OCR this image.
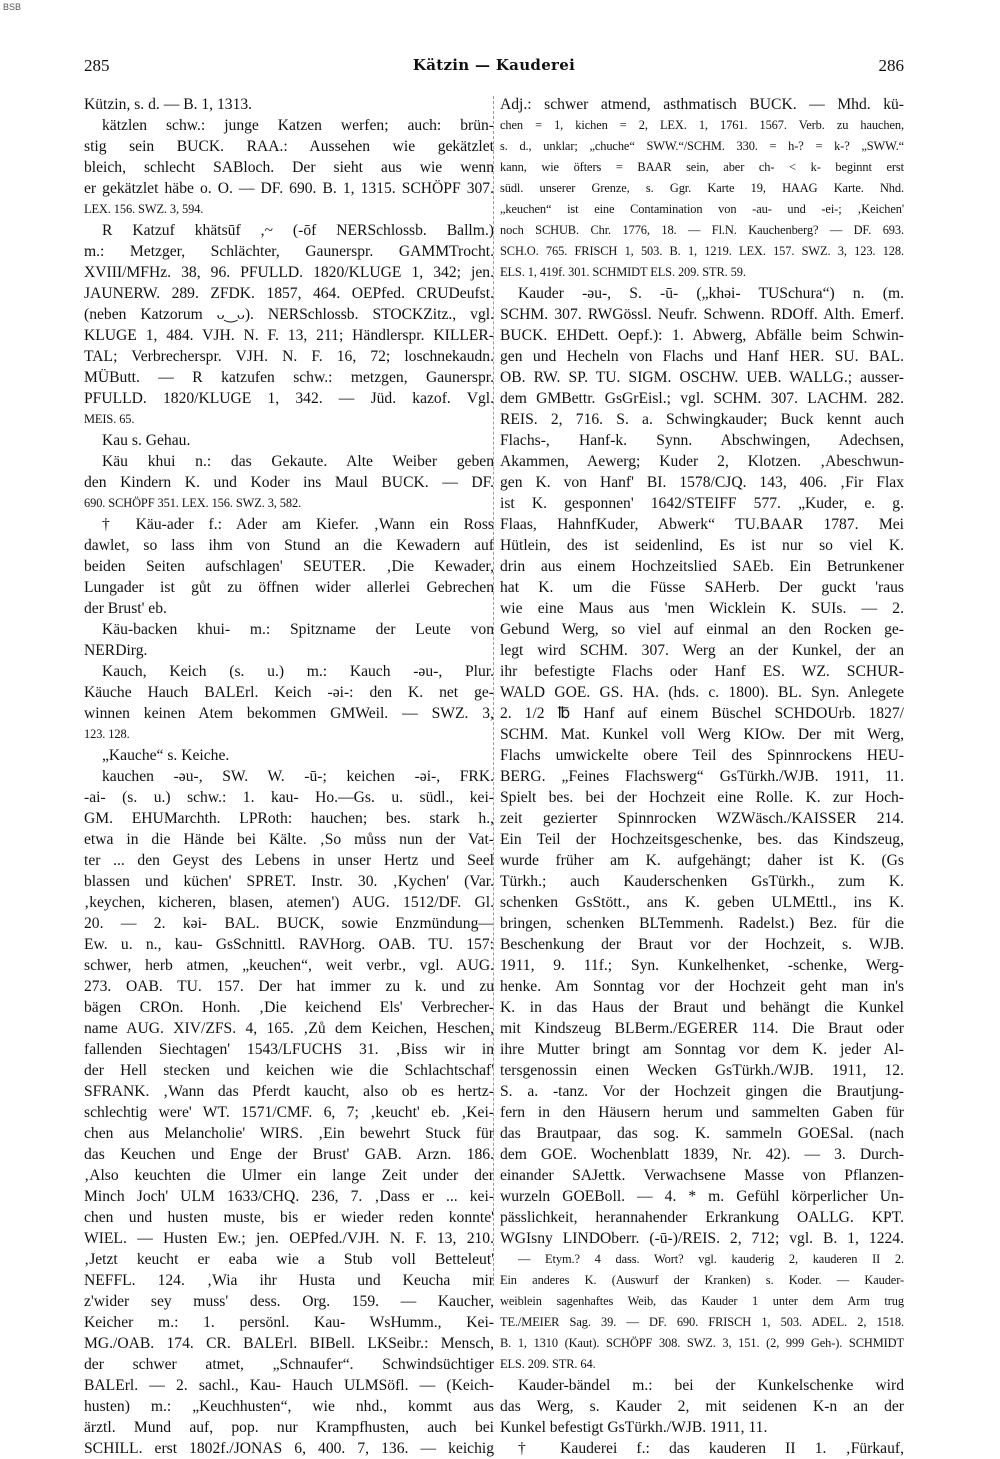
BSB
285	Kätzin — Kauderei	286
Kützin, s. d. — B. 1, 1313.
kätzlen schw.: junge Katzen werfen; auch: brün-
stig sein BUCK. RAA.: Aussehen wie gekätzlet
bleich, schlecht SABloch. Der sieht aus wie wenn
er gekätzlet häbe o. O. — DF. 690. B. 1, 1315. SCHÖPF 307.
LEX. 156. SWZ. 3, 594.
R Katzuf khätsūf ,~ (-ōf NERSchlossb. Ballm.)
m.: Metzger, Schlächter, Gaunerspr. GAMMTrocht.
XVIII/MFHz. 38, 96. PFULLD. 1820/KLUGE 1, 342; jen.
JAUNERW. 289. ZFDK. 1857, 464. OEPfed. CRUDeufst.
(neben Katzorum ᴗ‿ᴗ). NERSchlossb. STOCKZitz., vgl.
KLUGE 1, 484. VJH. N. F. 13, 211; Händlerspr. KILLER-
TAL; Verbrecherspr. VJH. N. F. 16, 72; loschnekaudn.
MÜButt. — R katzufen schw.: metzgen, Gaunerspr.
PFULLD. 1820/KLUGE 1, 342. — Jüd. kazof. Vgl.
MEIS. 65.
Kau s. Gehau.
Käu khui n.: das Gekaute. Alte Weiber geben
den Kindern K. und Koder ins Maul BUCK. — DF.
690. SCHÖPF 351. LEX. 156. SWZ. 3, 582.
† Käu-ader f.: Ader am Kiefer. ‚Wann ein Ross
dawlet, so lass ihm von Stund an die Kewadern auf
beiden Seiten aufschlagen' SEUTER. ‚Die Kewader,
Lungader ist gůt zu öffnen wider allerlei Gebrechen
der Brust' eb.
Käu-backen khui- m.: Spitzname der Leute von
NERDirg.
Kauch, Keich (s. u.) m.: Kauch -əu-, Plur.
Käuche Hauch BALErl. Keich -əi-: den K. net ge-
winnen keinen Atem bekommen GMWeil. — SWZ. 3,
123. 128.
„Kauche“ s. Keiche.
kauchen -əu-, SW. W. -ū-; keichen -əi-, FRK.
-ai- (s. u.) schw.: 1. kau- Ho.—Gs. u. südl., kei-
GM. EHUMarchth. LPRoth: hauchen; bes. stark h.,
etwa in die Hände bei Kälte. ‚So můss nun der Vat-
ter ... den Geyst des Lebens in unser Hertz und Seel
blassen und küchen' SPRET. Instr. 30. ‚Kychen' (Var.
‚keychen, kicheren, blasen, atemen') AUG. 1512/DF. Gl.
20. — 2. kəi- BAL. BUCK, sowie Enzmündung—
Ew. u. n., kau- GsSchnittl. RAVHorg. OAB. TU. 157:
schwer, herb atmen, „keuchen“, weit verbr., vgl. AUG.
273. OAB. TU. 157. Der hat immer zu k. und zu
bägen CROn. Honh. ‚Die keichend Els' Verbrecher-
name AUG. XIV/ZFS. 4, 165. ‚Zů dem Keichen, Heschen,
fallenden Siechtagen' 1543/LFUCHS 31. ‚Biss wir in
der Hell stecken und keichen wie die Schlachtschaf'
SFRANK. ‚Wann das Pferdt kaucht, also ob es hertz-
schlechtig were' WT. 1571/CMF. 6, 7; ‚keucht' eb. ‚Kei-
chen aus Melancholie' WIRS. ‚Ein bewehrt Stuck für
das Keuchen und Enge der Brust' GAB. Arzn. 186.
‚Also keuchten die Ulmer ein lange Zeit under der
Minch Joch' ULM 1633/CHQ. 236, 7. ‚Dass er ... kei-
chen und husten muste, bis er wieder reden konnte'
WIEL. — Husten Ew.; jen. OEPfed./VJH. N. F. 13, 210.
‚Jetzt keucht er eaba wie a Stub voll Betteleut'
NEFFL. 124. ‚Wia ihr Husta und Keucha mir
z'wider sey muss' dess. Org. 159. — Kaucher,
Keicher m.: 1. persönl. Kau- WsHumm., Kei-
MG./OAB. 174. CR. BALErl. BIBell. LKSeibr.: Mensch,
der schwer atmet, „Schnaufer“. Schwindsüchtiger
BALErl. — 2. sachl., Kau- Hauch ULMSöfl. — (Keich-
husten) m.: „Keuchhusten“, wie nhd., kommt aus
ärztl. Mund auf, pop. nur Krampfhusten, auch bei
SCHILL. erst 1802f./JONAS 6, 400. 7, 136. — keichig
Adj.: schwer atmend, asthmatisch BUCK. — Mhd. kü-
chen = 1, kichen = 2, LEX. 1, 1761. 1567. Verb. zu hauchen,
s. d., unklar; „chuche“ SWW.“/SCHM. 330. = h-? = k-? „SWW.“
kann, wie öfters = BAAR sein, aber ch- < k- beginnt erst
südl. unserer Grenze, s. Ggr. Karte 19, HAAG Karte. Nhd.
„keuchen“ ist eine Contamination von -au- und -ei-; ‚Keichen'
noch SCHUB. Chr. 1776, 18. — Fl.N. Kauchenberg? — DF. 693.
SCH.O. 765. FRISCH 1, 503. B. 1, 1219. LEX. 157. SWZ. 3, 123. 128.
ELS. 1, 419f. 301. SCHMIDT ELS. 209. STR. 59.
Kauder -əu-, S. -ū- („khəi- TUSchura“) n. (m.
SCHM. 307. RWGössl. Neufr. Schwenn. RDOff. Alth. Emerf.
BUCK. EHDett. Oepf.): 1. Abwerg, Abfälle beim Schwin-
gen und Hecheln von Flachs und Hanf HER. SU. BAL.
OB. RW. SP. TU. SIGM. OSCHW. UEB. WALLG.; ausser-
dem GMBettr. GsGrEisl.; vgl. SCHM. 307. LACHM. 282.
REIS. 2, 716. S. a. Schwingkauder; Buck kennt auch
Flachs-, Hanf-k. Synn. Abschwingen, Adechsen,
Akammen, Aewerg; Kuder 2, Klotzen. ‚Abeschwun-
gen K. von Hanf' BI. 1578/CJQ. 143, 406. ‚Fir Flax
ist K. gesponnen' 1642/STEIFF 577. „Kuder, e. g.
Flaas, HahnfKuder, Abwerk“ TU.BAAR 1787. Mei
Hütlein, des ist seidenlind, Es ist nur so viel K.
drin aus einem Hochzeitslied SAEb. Ein Betrunkener
hat K. um die Füsse SAHerb. Der guckt 'raus
wie eine Maus aus 'men Wicklein K. SUIs. — 2.
Gebund Werg, so viel auf einmal an den Rocken ge-
legt wird SCHM. 307. Werg an der Kunkel, der an
ihr befestigte Flachs oder Hanf ES. WZ. SCHUR-
WALD GOE. GS. HA. (hds. c. 1800). BL. Syn. Anlegete
2. 1/2 ℔ Hanf auf einem Büschel SCHDOUrb. 1827/
SCHM. Mat. Kunkel voll Werg KIOw. Der mit Werg,
Flachs umwickelte obere Teil des Spinnrockens HEU-
BERG. „Feines Flachswerg“ GsTürkh./WJB. 1911, 11.
Spielt bes. bei der Hochzeit eine Rolle. K. zur Hoch-
zeit gezierter Spinnrocken WZWäsch./KAISSER 214.
Ein Teil der Hochzeitsgeschenke, bes. das Kindszeug,
wurde früher am K. aufgehängt; daher ist K. (Gs
Türkh.; auch Kauderschenken GsTürkh., zum K.
schenken GsStött., ans K. geben ULMEttl., ins K.
bringen, schenken BLTemmenh. Radelst.) Bez. für die
Beschenkung der Braut vor der Hochzeit, s. WJB.
1911, 9. 11f.; Syn. Kunkelhenket, -schenke, Werg-
henke. Am Sonntag vor der Hochzeit geht man in's
K. in das Haus der Braut und behängt die Kunkel
mit Kindszeug BLBerm./EGERER 114. Die Braut oder
ihre Mutter bringt am Sonntag vor dem K. jeder Al-
tersgenossin einen Wecken GsTürkh./WJB. 1911, 12.
S. a. -tanz. Vor der Hochzeit gingen die Brautjung-
fern in den Häusern herum und sammelten Gaben für
das Brautpaar, das sog. K. sammeln GOESal. (nach
dem GOE. Wochenblatt 1839, Nr. 42). — 3. Durch-
einander SAJettk. Verwachsene Masse von Pflanzen-
wurzeln GOEBoll. — 4. * m. Gefühl körperlicher Un-
pässlichkeit, herannahender Erkrankung OALLG. KPT.
WGIsny LINDOberr. (-ū-)/REIS. 2, 712; vgl. B. 1, 1224.
— Etym.? 4 dass. Wort? vgl. kauderig 2, kauderen II 2.
Ein anderes K. (Auswurf der Kranken) s. Koder. — Kauder-
weiblein sagenhaftes Weib, das Kauder 1 unter dem Arm trug
TE./MEIER Sag. 39. — DF. 690. FRISCH 1, 503. ADEL. 2, 1518.
B. 1, 1310 (Kaut). SCHÖPF 308. SWZ. 3, 151. (2, 999 Geh-). SCHMIDT
ELS. 209. STR. 64.
Kauder-bändel m.: bei der Kunkelschenke wird
das Werg, s. Kauder 2, mit seidenen K-n an der
Kunkel befestigt GsTürkh./WJB. 1911, 11.
† Kauderei f.: das kauderen II 1. ‚Fürkauf,
